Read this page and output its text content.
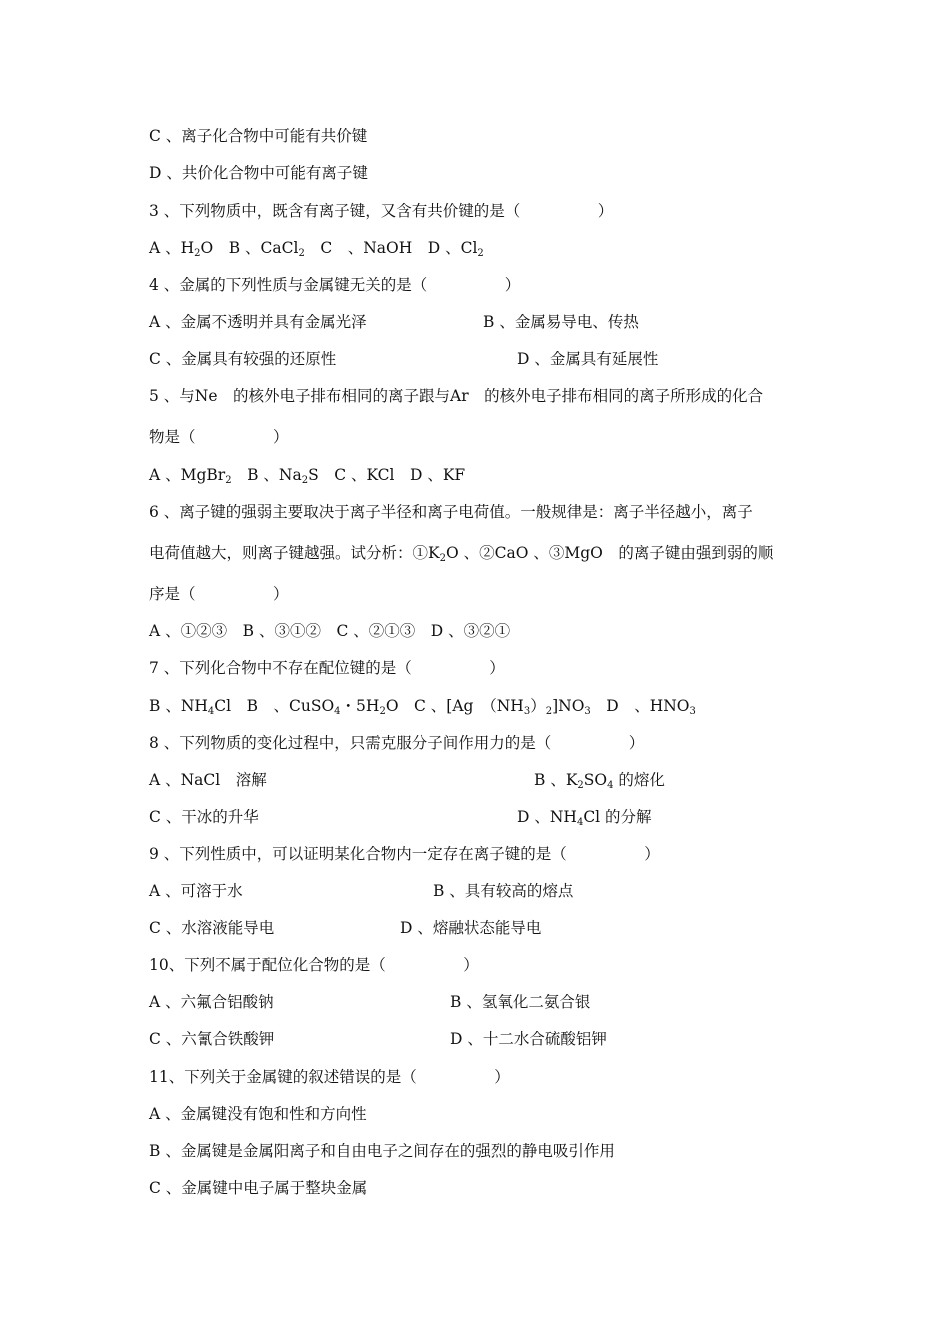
C 、离子化合物中可能有共价键
D 、共价化合物中可能有离子键
3 、下列物质中，既含有离子键，又含有共价键的是（　　　　　）
A 、$H_2O$　B 、CaCl$_2$　C　、NaOH　D 、$Cl_2$
4 、金属的下列性质与金属键无关的是（　　　　　）
A 、金属不透明并具有金属光泽	B 、金属易导电、传热
C 、金属具有较强的还原性	D 、金属具有延展性
5 、与Ne　的核外电子排布相同的离子跟与Ar　的核外电子排布相同的离子所形成的化合
物是（　　　　　）
A 、MgBr$_2$　B 、$Na_2S$　C 、KCl　D 、KF
6 、离子键的强弱主要取决于离子半径和离子电荷值。一般规律是：离子半径越小，离子
电荷值越大，则离子键越强。试分析：$①K_2O$ 、②CaO 、③MgO　的离子键由强到弱的顺
序是（　　　　　）
A 、①②③　B 、③①②　C 、②①③　D 、③②①
7 、下列化合物中不存在配位键的是（　　　　　）
B 、$NH_4Cl$　B　、CuSO$_4$・$5H_2O$　C 、[Ag　$(NH_3)_2]NO_3$　D　、$HNO_3$
8 、下列物质的变化过程中，只需克服分子间作用力的是（　　　　　）
A 、NaCl　溶解	B 、$K_2SO_4$ 的熔化
C 、干冰的升华	D 、$NH_4Cl$ 的分解
9 、下列性质中，可以证明某化合物内一定存在离子键的是（　　　　　）
A 、可溶于水	B 、具有较高的熔点
C 、水溶液能导电	D 、熔融状态能导电
10、下列不属于配位化合物的是（　　　　　）
A 、六氟合铝酸钠	B 、氢氧化二氨合银
C 、六氰合铁酸钾	D 、十二水合硫酸铝钾
11、下列关于金属键的叙述错误的是（　　　　　）
A 、金属键没有饱和性和方向性
B 、金属键是金属阳离子和自由电子之间存在的强烈的静电吸引作用
C 、金属键中电子属于整块金属
